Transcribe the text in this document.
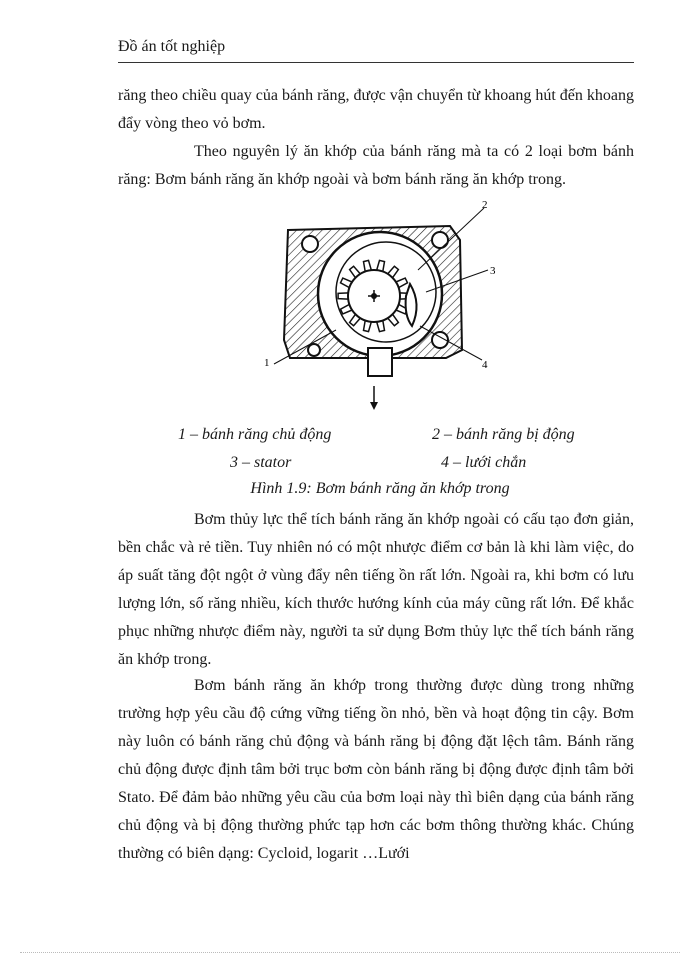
Đồ án tốt nghiệp
răng theo chiều quay của bánh răng, được vận chuyển từ khoang hút đến khoang đẩy vòng theo vỏ bơm.
Theo nguyên lý ăn khớp của bánh răng mà ta có 2 loại bơm bánh răng: Bơm bánh răng ăn khớp ngoài và bơm bánh răng ăn khớp trong.
2
3
1	4
1 – bánh răng chủ động	2 – bánh răng bị động
3 – stator	4 – lưới chắn
Hình 1.9: Bơm bánh răng ăn khớp trong
Bơm thủy lực thể tích bánh răng ăn khớp ngoài có cấu tạo đơn giản, bền chắc và rẻ tiền. Tuy nhiên nó có một nhược điểm cơ bản là khi làm việc, do áp suất tăng đột ngột ở vùng đẩy nên tiếng ồn rất lớn. Ngoài ra, khi bơm có lưu lượng lớn, số răng nhiều, kích thước hướng kính của máy cũng rất lớn. Để khắc phục những nhược điểm này, người ta sử dụng Bơm thủy lực thể tích bánh răng ăn khớp trong.
Bơm bánh răng ăn khớp trong thường được dùng trong những trường hợp yêu cầu độ cứng vững tiếng ồn nhỏ, bền và hoạt động tin cậy. Bơm này luôn có bánh răng chủ động và bánh răng bị động đặt lệch tâm. Bánh răng chủ động được định tâm bởi trục bơm còn bánh răng bị động được định tâm bởi Stato. Để đảm bảo những yêu cầu của bơm loại này thì biên dạng của bánh răng chủ động và bị động thường phức tạp hơn các bơm thông thường khác. Chúng thường có biên dạng: Cycloid, logarit …Lưới
